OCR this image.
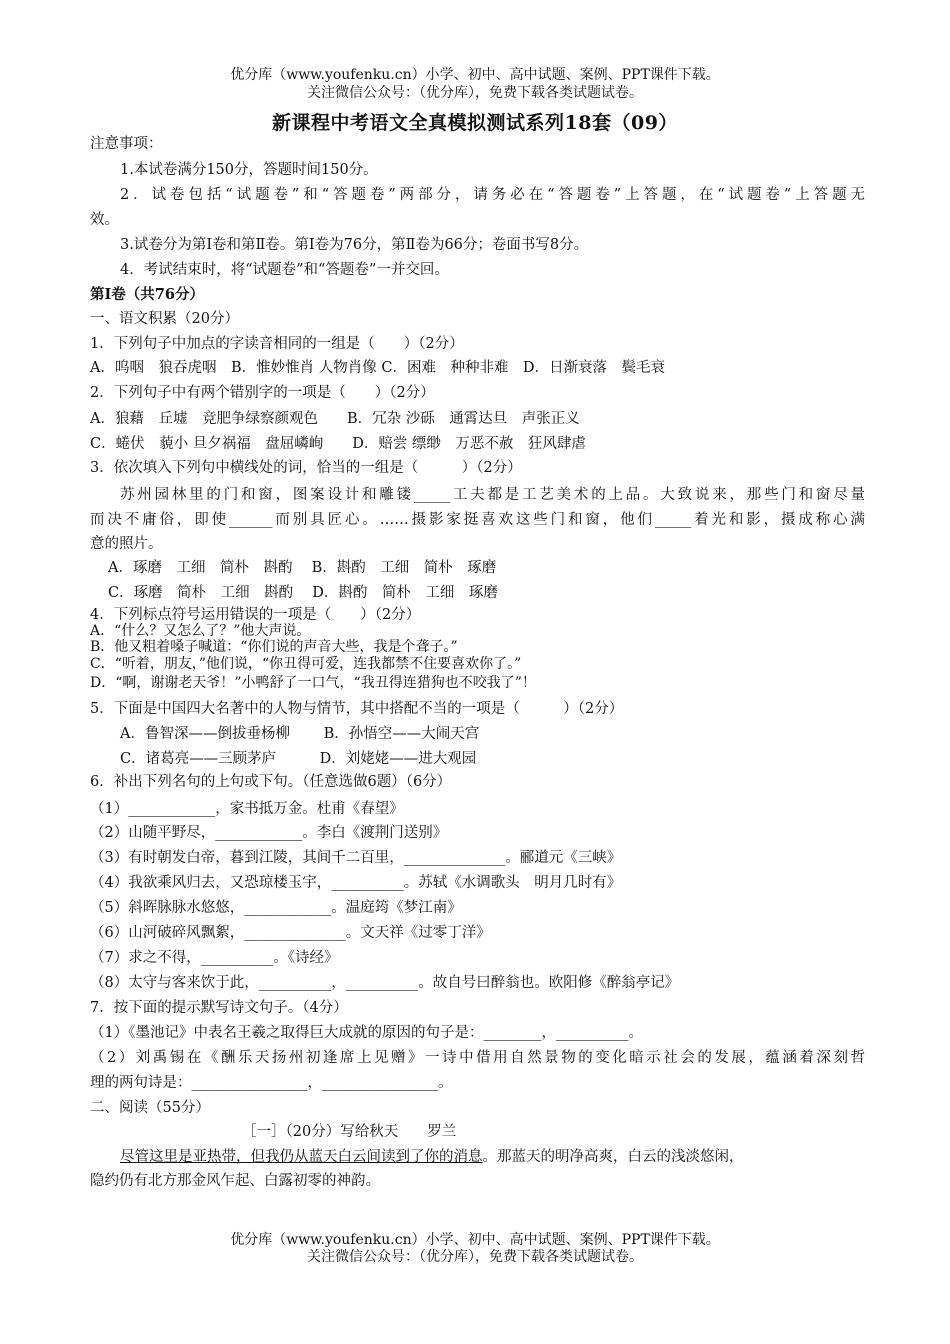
优分库（www.youfenku.cn）小学、初中、高中试题、案例、PPT课件下载。
关注微信公众号：（优分库），免费下载各类试题试卷。
新课程中考语文全真模拟测试系列18套（09）
注意事项：
1.本试卷满分150分，答题时间150分。
2．试卷包括“试题卷”和“答题卷”两部分，请务必在“答题卷”上答题，在“试题卷”上答题无
效。
3.试卷分为第Ⅰ卷和第Ⅱ卷。第Ⅰ卷为76分，第Ⅱ卷为66分；卷面书写8分。
4．考试结束时，将“试题卷”和“答题卷”一并交回。
第Ⅰ卷（共76分）
一、语文积累（20分）
1．下列句子中加点的字读音相同的一组是（　　）（2分）
A．呜咽　狼吞虎咽　B．惟妙惟肖 人物肖像 C．困难　种种非难　D．日渐衰落　鬓毛衰
2．下列句子中有两个错别字的一项是（　　）（2分）
A．狼藉　丘墟　竞肥争绿察颜观色　　B．冗杂 沙砾　通霄达旦　声张正义
C．蜷伏　藐小 旦夕祸福　盘屈嶙峋　　D．赔尝 缥缈　万恶不赦　狂风肆虐
3．依次填入下列句中横线处的词，恰当的一组是（　　　）（2分）
苏州园林里的门和窗，图案设计和雕镂_____工夫都是工艺美术的上品。大致说来，那些门和窗尽量
而决不庸俗，即使______而别具匠心。……摄影家挺喜欢这些门和窗，他们_____着光和影，摄成称心满
意的照片。
A．琢磨　工细　简朴　斟酌　 B．斟酌　工细　简朴　琢磨
C．琢磨　简朴　工细　斟酌　 D．斟酌　简朴　工细　琢磨
4．下列标点符号运用错误的一项是（　　）（2分）
A．“什么？又怎么了？”他大声说。
B．他又粗着嗓子喊道：“你们说的声音大些，我是个聋子。”
C．“听着，朋友，”他们说，“你丑得可爱，连我都禁不住要喜欢你了。”
D．“啊，谢谢老天爷！”小鸭舒了一口气，“我丑得连猎狗也不咬我了”！
5．下面是中国四大名著中的人物与情节，其中搭配不当的一项是（　　　）（2分）
A．鲁智深——倒拔垂杨柳　　 B．孙悟空——大闹天宫
C．诸葛亮——三顾茅庐　　　D．刘姥姥——进大观园
6．补出下列名句的上句或下句。（任意选做6题）（6分）
（1）____________，家书抵万金。杜甫《春望》
（2）山随平野尽，____________。李白《渡荆门送别》
（3）有时朝发白帝，暮到江陵，其间千二百里，______________。郦道元《三峡》
（4）我欲乘风归去，又恐琼楼玉宇，__________。苏轼《水调歌头　明月几时有》
（5）斜晖脉脉水悠悠，____________。温庭筠《梦江南》
（6）山河破碎风飘絮，______________。文天祥《过零丁洋》
（7）求之不得，__________。《诗经》
（8）太守与客来饮于此，__________，__________。故自号曰醉翁也。欧阳修《醉翁亭记》
7．按下面的提示默写诗文句子。（4分）
（1）《墨池记》中表名王羲之取得巨大成就的原因的句子是：________，__________。
（2）刘禹锡在《酬乐天扬州初逢席上见赠》一诗中借用自然景物的变化暗示社会的发展，蕴涵着深刻哲
理的两句诗是：________________，________________。
二、阅读（55分）
［一］（20分）写给秋天　　罗兰
尽管这里是亚热带，但我仍从蓝天白云间读到了你的消息。那蓝天的明净高爽，白云的浅淡悠闲，
隐约仍有北方那金风乍起、白露初零的神韵。
优分库（www.youfenku.cn）小学、初中、高中试题、案例、PPT课件下载。
关注微信公众号：（优分库），免费下载各类试题试卷。
